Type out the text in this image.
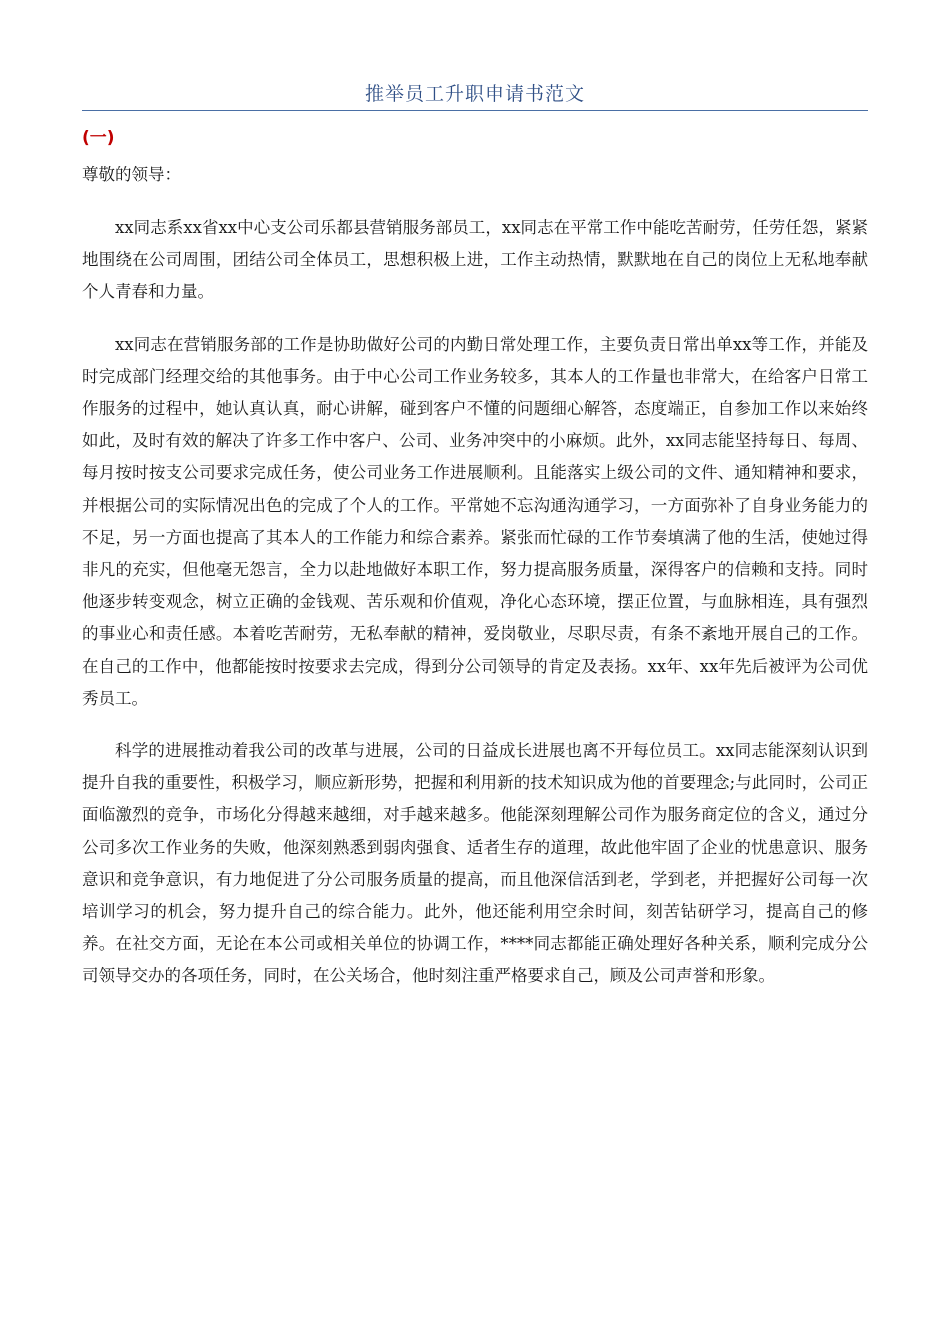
推举员工升职申请书范文
(一)
尊敬的领导：

xx同志系xx省xx中心支公司乐都县营销服务部员工，xx同志在平常工作中能吃苦耐劳，任劳任怨，紧紧地围绕在公司周围，团结公司全体员工，思想积极上进，工作主动热情，默默地在自己的岗位上无私地奉献个人青春和力量。

xx同志在营销服务部的工作是协助做好公司的内勤日常处理工作，主要负责日常出单xx等工作，并能及时完成部门经理交给的其他事务。由于中心公司工作业务较多，其本人的工作量也非常大，在给客户日常工作服务的过程中，她认真认真，耐心讲解，碰到客户不懂的问题细心解答，态度端正，自参加工作以来始终如此，及时有效的解决了许多工作中客户、公司、业务冲突中的小麻烦。此外，xx同志能坚持每日、每周、每月按时按支公司要求完成任务，使公司业务工作进展顺利。且能落实上级公司的文件、通知精神和要求，并根据公司的实际情况出色的完成了个人的工作。平常她不忘沟通沟通学习，一方面弥补了自身业务能力的不足，另一方面也提高了其本人的工作能力和综合素养。紧张而忙碌的工作节奏填满了他的生活，使她过得非凡的充实，但他毫无怨言，全力以赴地做好本职工作，努力提高服务质量，深得客户的信赖和支持。同时他逐步转变观念，树立正确的金钱观、苦乐观和价值观，净化心态环境，摆正位置，与血脉相连，具有强烈的事业心和责任感。本着吃苦耐劳，无私奉献的精神，爱岗敬业，尽职尽责，有条不紊地开展自己的工作。在自己的工作中，他都能按时按要求去完成，得到分公司领导的肯定及表扬。xx年、xx年先后被评为公司优秀员工。

科学的进展推动着我公司的改革与进展，公司的日益成长进展也离不开每位员工。xx同志能深刻认识到提升自我的重要性，积极学习，顺应新形势，把握和利用新的技术知识成为他的首要理念;与此同时，公司正面临激烈的竞争，市场化分得越来越细，对手越来越多。他能深刻理解公司作为服务商定位的含义，通过分公司多次工作业务的失败，他深刻熟悉到弱肉强食、适者生存的道理，故此他牢固了企业的忧患意识、服务意识和竞争意识，有力地促进了分公司服务质量的提高，而且他深信活到老，学到老，并把握好公司每一次培训学习的机会，努力提升自己的综合能力。此外，他还能利用空余时间，刻苦钻研学习，提高自己的修养。在社交方面，无论在本公司或相关单位的协调工作，****同志都能正确处理好各种关系，顺利完成分公司领导交办的各项任务，同时，在公关场合，他时刻注重严格要求自己，顾及公司声誉和形象。
